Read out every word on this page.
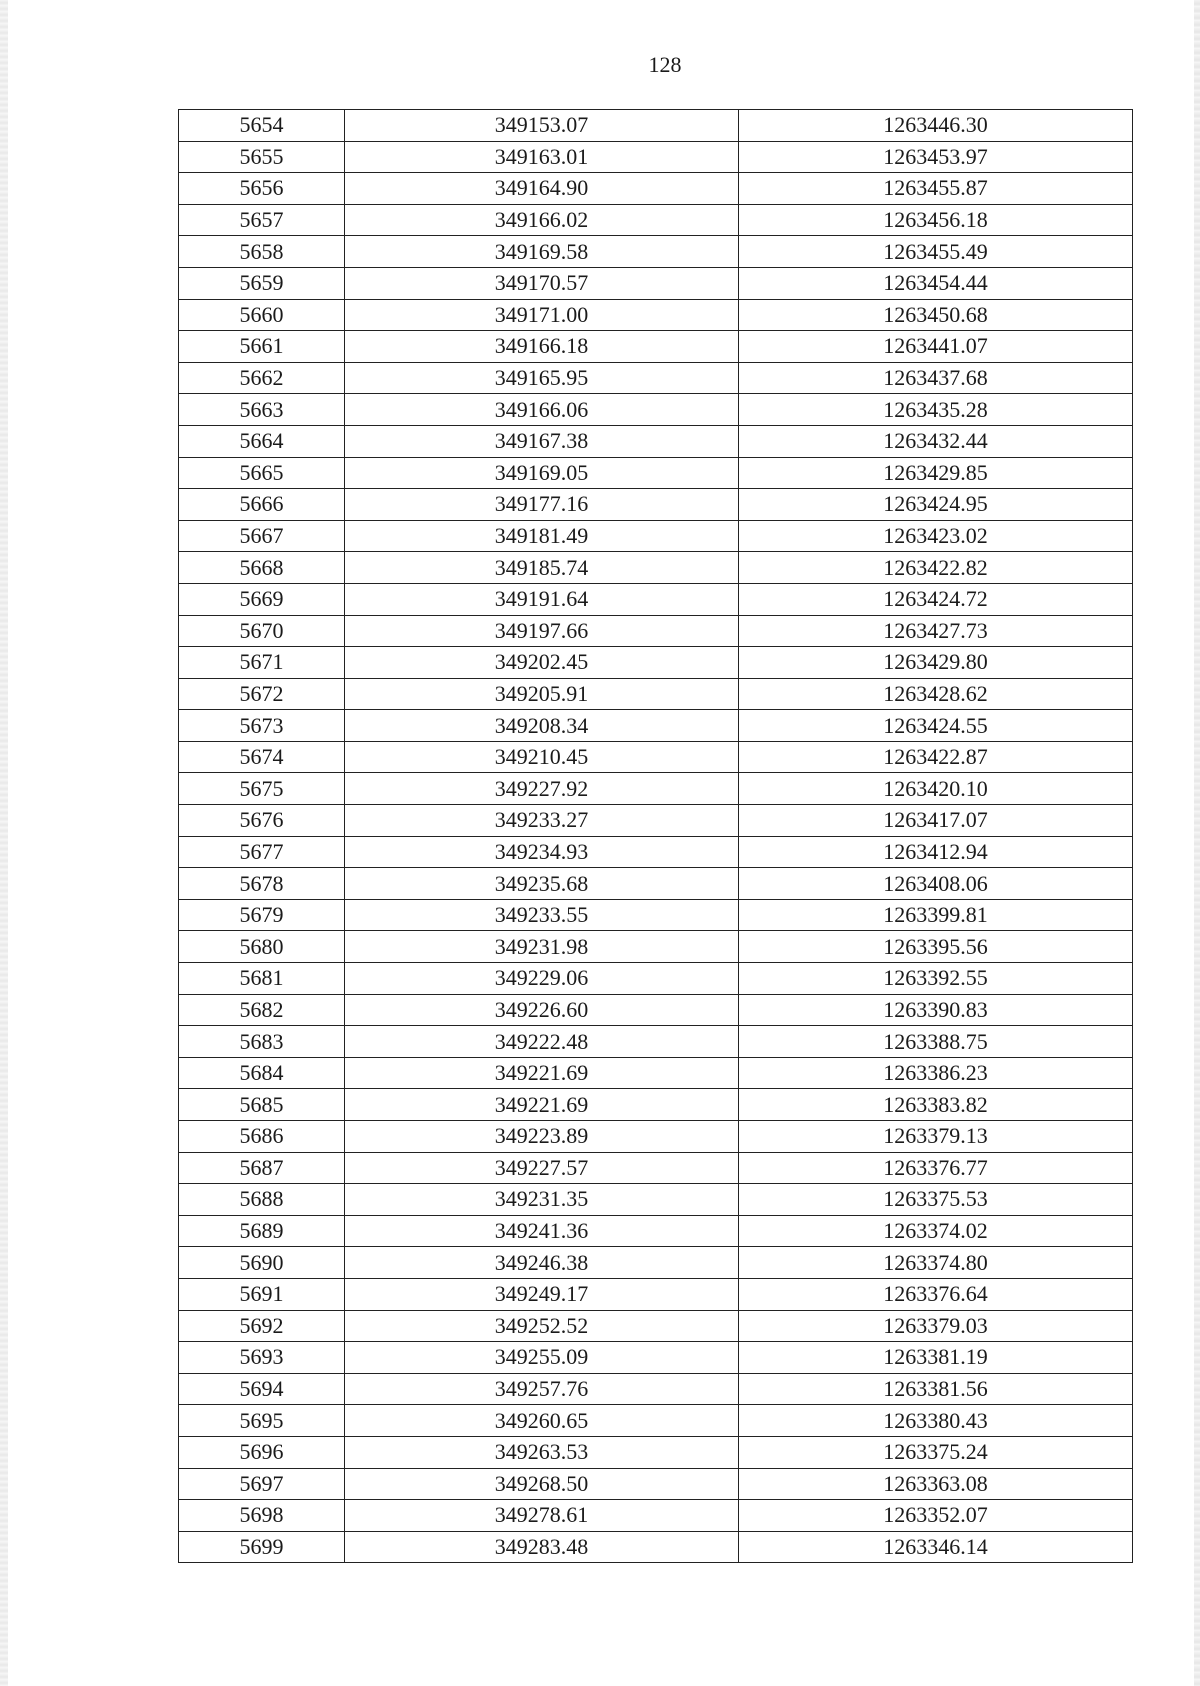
128
5654	349153.07	1263446.30
5655	349163.01	1263453.97
5656	349164.90	1263455.87
5657	349166.02	1263456.18
5658	349169.58	1263455.49
5659	349170.57	1263454.44
5660	349171.00	1263450.68
5661	349166.18	1263441.07
5662	349165.95	1263437.68
5663	349166.06	1263435.28
5664	349167.38	1263432.44
5665	349169.05	1263429.85
5666	349177.16	1263424.95
5667	349181.49	1263423.02
5668	349185.74	1263422.82
5669	349191.64	1263424.72
5670	349197.66	1263427.73
5671	349202.45	1263429.80
5672	349205.91	1263428.62
5673	349208.34	1263424.55
5674	349210.45	1263422.87
5675	349227.92	1263420.10
5676	349233.27	1263417.07
5677	349234.93	1263412.94
5678	349235.68	1263408.06
5679	349233.55	1263399.81
5680	349231.98	1263395.56
5681	349229.06	1263392.55
5682	349226.60	1263390.83
5683	349222.48	1263388.75
5684	349221.69	1263386.23
5685	349221.69	1263383.82
5686	349223.89	1263379.13
5687	349227.57	1263376.77
5688	349231.35	1263375.53
5689	349241.36	1263374.02
5690	349246.38	1263374.80
5691	349249.17	1263376.64
5692	349252.52	1263379.03
5693	349255.09	1263381.19
5694	349257.76	1263381.56
5695	349260.65	1263380.43
5696	349263.53	1263375.24
5697	349268.50	1263363.08
5698	349278.61	1263352.07
5699	349283.48	1263346.14
